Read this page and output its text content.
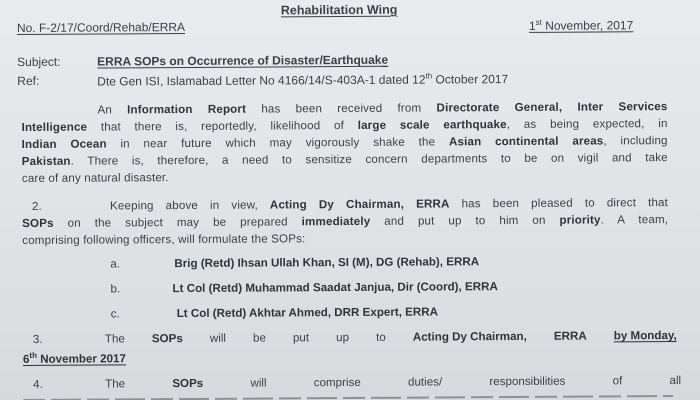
Rehabilitation Wing
No. F-2/17/Coord/Rehab/ERRA	1st November, 2017
Subject:	ERRA SOPs on Occurrence of Disaster/Earthquake
Ref:	Dte Gen ISI, Islamabad Letter No 4166/14/S-403A-1 dated 12th October 2017
An Information Report has been received from Directorate General, Inter Services
Intelligence that there is, reportedly, likelihood of large scale earthquake, as being expected, in
Indian Ocean in near future which may vigorously shake the Asian continental areas, including
Pakistan. There is, therefore, a need to sensitize concern departments to be on vigil and take
care of any natural disaster.
2.	Keeping above in view, Acting Dy Chairman, ERRA has been pleased to direct that
SOPs on the subject may be prepared immediately and put up to him on priority. A team,
comprising following officers, will formulate the SOPs:
a.	Brig (Retd) Ihsan Ullah Khan, SI (M), DG (Rehab), ERRA
b.	Lt Col (Retd) Muhammad Saadat Janjua, Dir (Coord), ERRA
c.	Lt Col (Retd) Akhtar Ahmed, DRR Expert, ERRA
3.	The SOPs will be put up to Acting Dy Chairman, ERRA by Monday,
6th November 2017
4.	The	SOPs	will	comprise	duties/	responsibilities	of	all
